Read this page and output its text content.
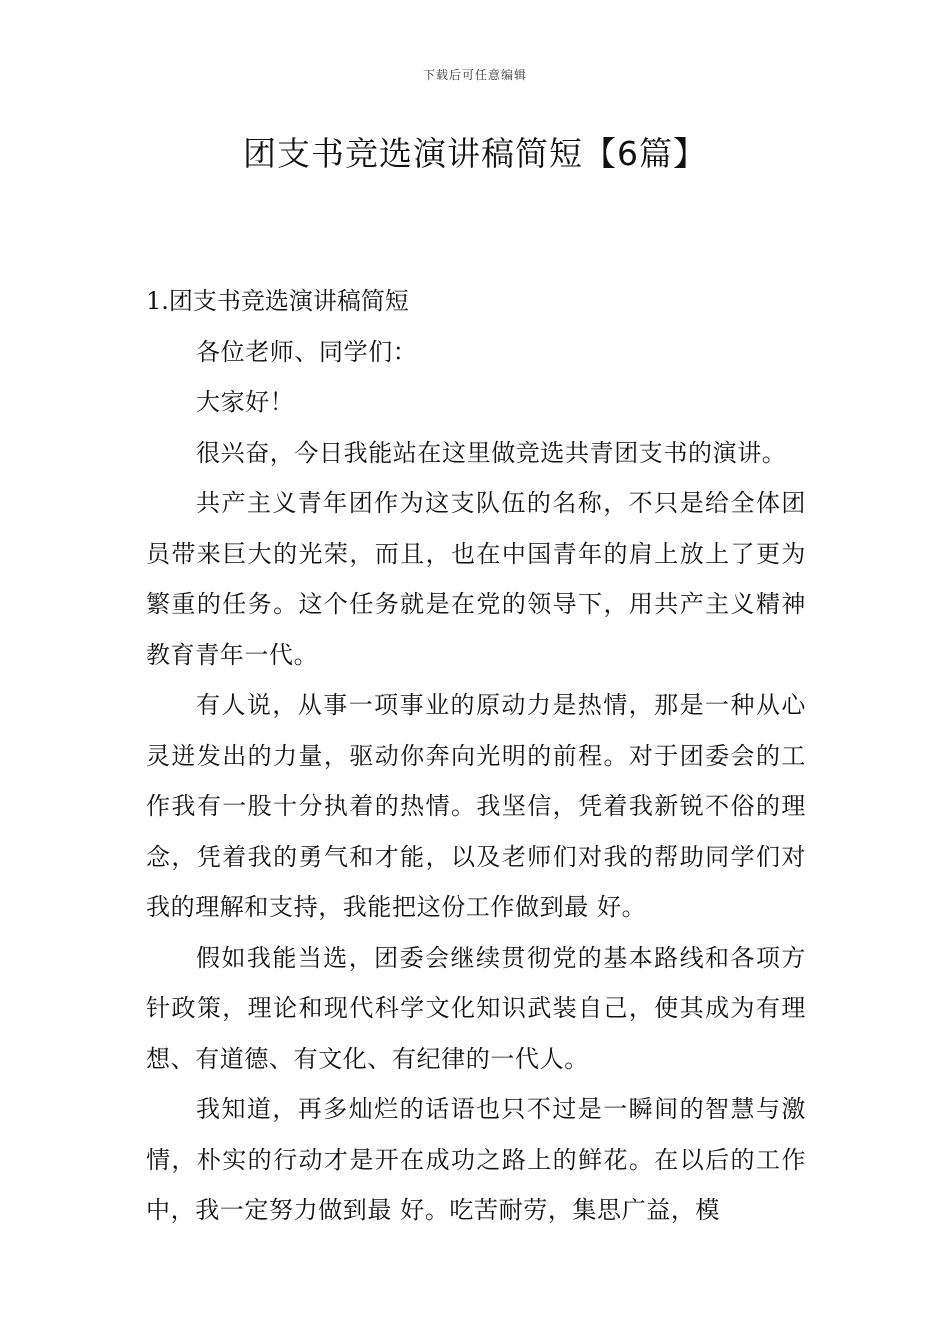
下载后可任意编辑
团支书竞选演讲稿简短【6篇】
1.团支书竞选演讲稿简短

各位老师、同学们：

大家好！

很兴奋，今日我能站在这里做竞选共青团支书的演讲。

共产主义青年团作为这支队伍的名称，不只是给全体团员带来巨大的光荣，而且，也在中国青年的肩上放上了更为繁重的任务。这个任务就是在党的领导下，用共产主义精神教育青年一代。

有人说，从事一项事业的原动力是热情，那是一种从心灵迸发出的力量，驱动你奔向光明的前程。对于团委会的工作我有一股十分执着的热情。我坚信，凭着我新锐不俗的理念，凭着我的勇气和才能，以及老师们对我的帮助同学们对我的理解和支持，我能把这份工作做到最 好。

假如我能当选，团委会继续贯彻党的基本路线和各项方针政策，理论和现代科学文化知识武装自己，使其成为有理想、有道德、有文化、有纪律的一代人。

我知道，再多灿烂的话语也只不过是一瞬间的智慧与激情，朴实的行动才是开在成功之路上的鲜花。在以后的工作中，我一定努力做到最 好。吃苦耐劳，集思广益，模
